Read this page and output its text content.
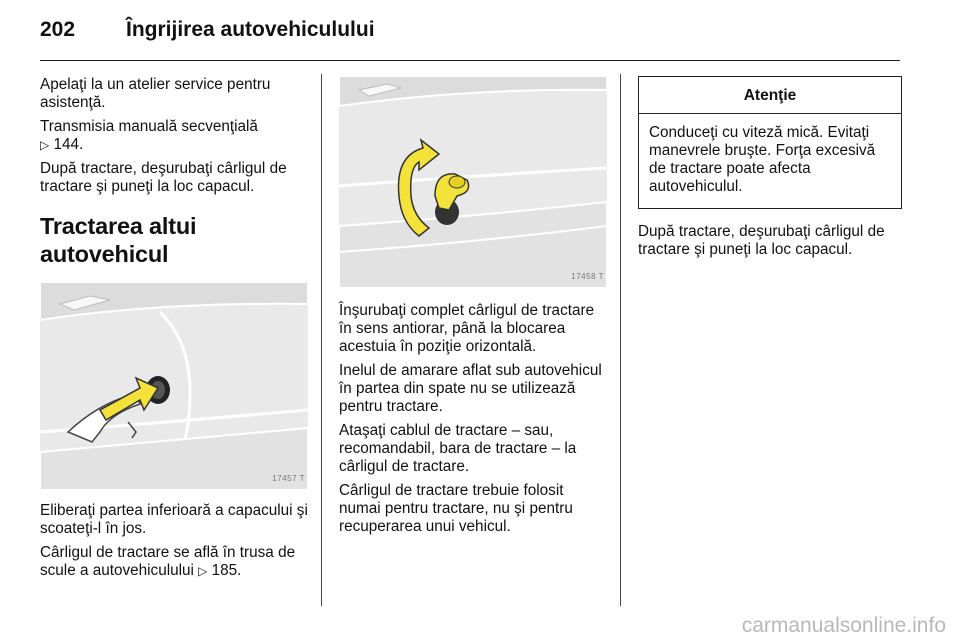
202 Îngrijirea autovehiculului

Apelaţi la un atelier service pentru asistenţă.

Transmisia manuală secvenţială
▷ 144.

După tractare, deşurubaţi cârligul de tractare şi puneţi la loc capacul.

Tractarea altui autovehicul

17457 T

Eliberaţi partea inferioară a capacului şi scoateţi-l în jos.

Cârligul de tractare se află în trusa de scule a autovehiculului ▷ 185.

17458 T

Înşurubaţi complet cârligul de tractare în sens antiorar, până la blocarea acestuia în poziţie orizontală.

Inelul de amarare aflat sub autovehicul în partea din spate nu se utilizează pentru tractare.

Ataşaţi cablul de tractare – sau, recomandabil, bara de tractare – la cârligul de tractare.

Cârligul de tractare trebuie folosit numai pentru tractare, nu şi pentru recuperarea unui vehicul.

Atenţie
Conduceţi cu viteză mică. Evitaţi manevrele bruşte. Forţa excesivă de tractare poate afecta autovehiculul.

După tractare, deşurubaţi cârligul de tractare şi puneţi la loc capacul.

carmanualsonline.info
